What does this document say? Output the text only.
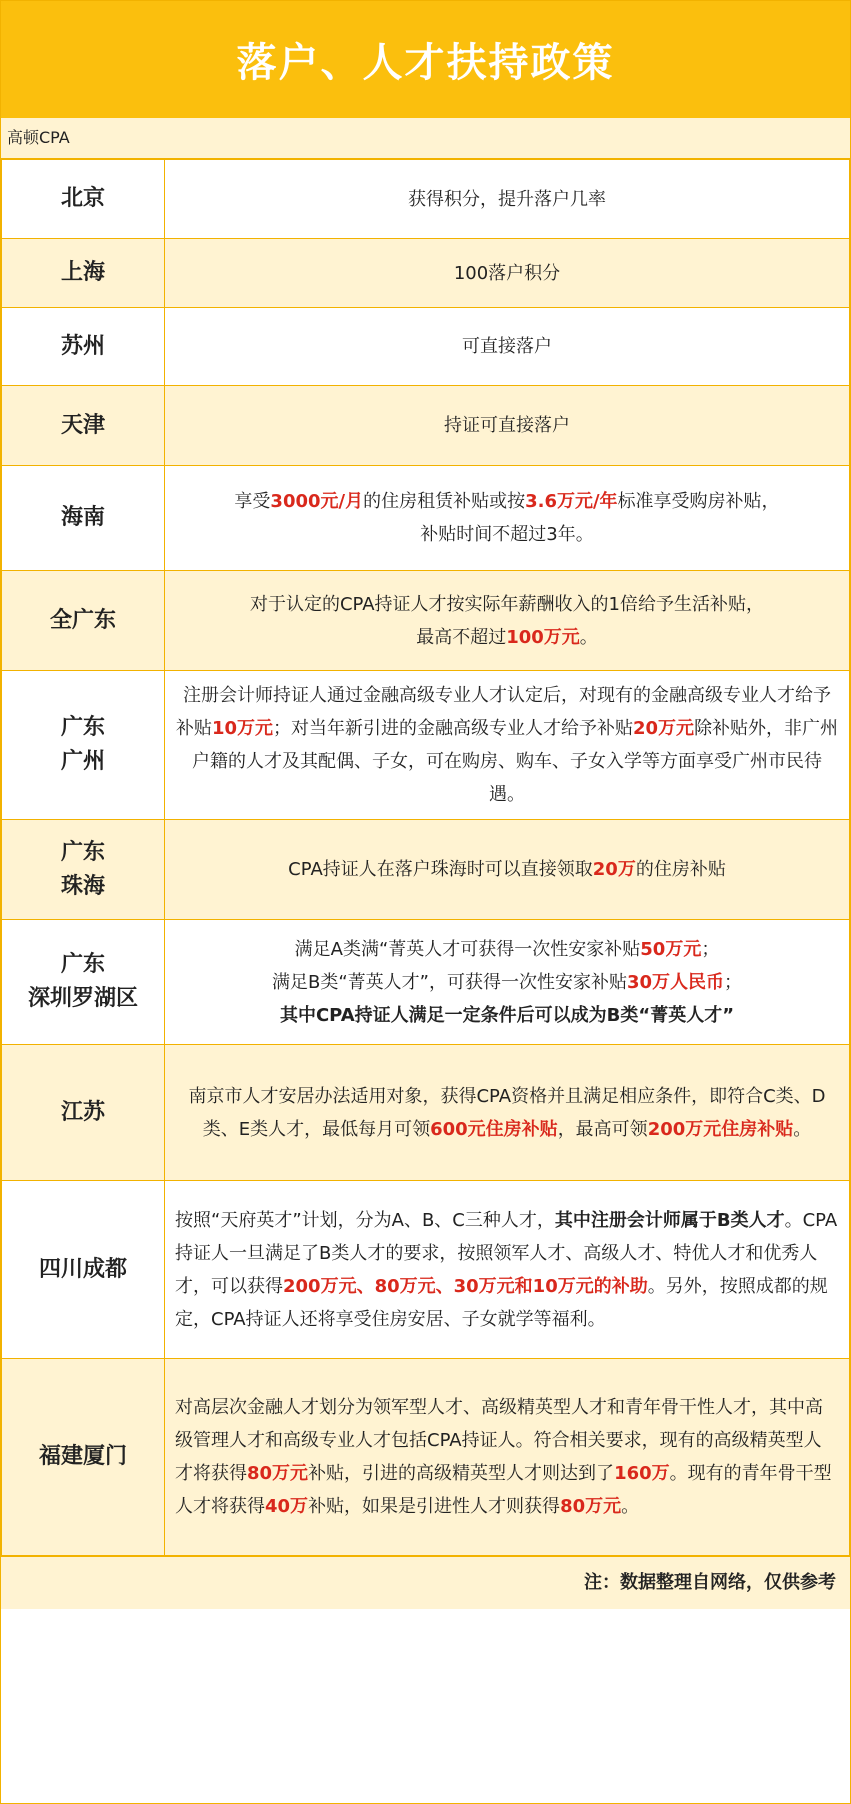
落户、人才扶持政策
高顿CPA
北京	获得积分，提升落户几率
上海	100落户积分
苏州	可直接落户
天津	持证可直接落户
海南	享受3000元/月的住房租赁补贴或按3.6万元/年标准享受购房补贴，
补贴时间不超过3年。
全广东	对于认定的CPA持证人才按实际年薪酬收入的1倍给予生活补贴，
最高不超过100万元。
广东
广州	注册会计师持证人通过金融高级专业人才认定后，对现有的金融高级专业人才给予补贴10万元；对当年新引进的金融高级专业人才给予补贴20万元除补贴外，非广州户籍的人才及其配偶、子女，可在购房、购车、子女入学等方面享受广州市民待遇。
广东
珠海	CPA持证人在落户珠海时可以直接领取20万的住房补贴
广东
深圳罗湖区	满足A类满“菁英人才可获得一次性安家补贴50万元；
满足B类“菁英人才”，可获得一次性安家补贴30万人民币；
其中CPA持证人满足一定条件后可以成为B类“菁英人才”
江苏	南京市人才安居办法适用对象，获得CPA资格并且满足相应条件，即符合C类、D类、E类人才，最低每月可领600元住房补贴，最高可领200万元住房补贴。
四川成都	按照“天府英才”计划，分为A、B、C三种人才，其中注册会计师属于B类人才。CPA持证人一旦满足了B类人才的要求，按照领军人才、高级人才、特优人才和优秀人才，可以获得200万元、80万元、30万元和10万元的补助。另外，按照成都的规定，CPA持证人还将享受住房安居、子女就学等福利。
福建厦门	对高层次金融人才划分为领军型人才、高级精英型人才和青年骨干性人才，其中高级管理人才和高级专业人才包括CPA持证人。符合相关要求，现有的高级精英型人才将获得80万元补贴，引进的高级精英型人才则达到了160万。现有的青年骨干型人才将获得40万补贴，如果是引进性人才则获得80万元。
注：数据整理自网络，仅供参考
